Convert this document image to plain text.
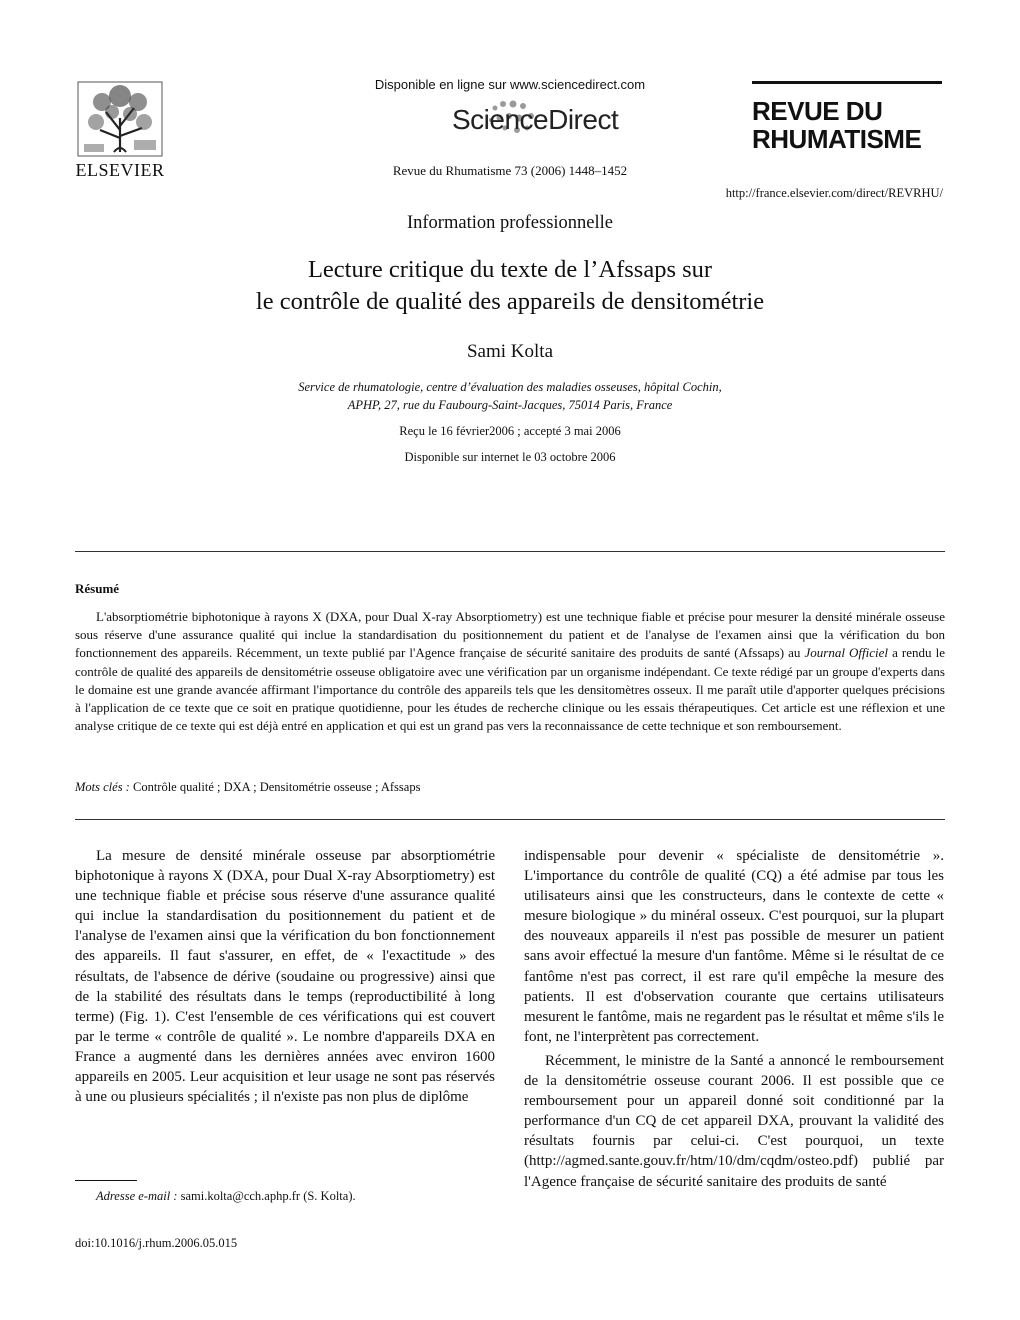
ELSEVIER
Disponible en ligne sur www.sciencedirect.com
ScienceDirect
Revue du Rhumatisme 73 (2006) 1448–1452
REVUE DU
RHUMATISME
http://france.elsevier.com/direct/REVRHU/
Information professionnelle
Lecture critique du texte de l’Afssaps sur
le contrôle de qualité des appareils de densitométrie
Sami Kolta
Service de rhumatologie, centre d’évaluation des maladies osseuses, hôpital Cochin,
APHP, 27, rue du Faubourg-Saint-Jacques, 75014 Paris, France
Reçu le 16 février2006 ; accepté 3 mai 2006
Disponible sur internet le 03 octobre 2006
Résumé
L'absorptiométrie biphotonique à rayons X (DXA, pour Dual X-ray Absorptiometry) est une technique fiable et précise pour mesurer la densité minérale osseuse sous réserve d'une assurance qualité qui inclue la standardisation du positionnement du patient et de l'analyse de l'examen ainsi que la vérification du bon fonctionnement des appareils. Récemment, un texte publié par l'Agence française de sécurité sanitaire des produits de santé (Afssaps) au Journal Officiel a rendu le contrôle de qualité des appareils de densitométrie osseuse obligatoire avec une vérification par un organisme indépendant. Ce texte rédigé par un groupe d'experts dans le domaine est une grande avancée affirmant l'importance du contrôle des appareils tels que les densitomètres osseux. Il me paraît utile d'apporter quelques précisions à l'application de ce texte que ce soit en pratique quotidienne, pour les études de recherche clinique ou les essais thérapeutiques. Cet article est une réflexion et une analyse critique de ce texte qui est déjà entré en application et qui est un grand pas vers la reconnaissance de cette technique et son remboursement.
Mots clés : Contrôle qualité ; DXA ; Densitométrie osseuse ; Afssaps

La mesure de densité minérale osseuse par absorptiométrie biphotonique à rayons X (DXA, pour Dual X-ray Absorptiometry) est une technique fiable et précise sous réserve d'une assurance qualité qui inclue la standardisation du positionnement du patient et de l'analyse de l'examen ainsi que la vérification du bon fonctionnement des appareils. Il faut s'assurer, en effet, de « l'exactitude » des résultats, de l'absence de dérive (soudaine ou progressive) ainsi que de la stabilité des résultats dans le temps (reproductibilité à long terme) (Fig. 1). C'est l'ensemble de ces vérifications qui est couvert par le terme « contrôle de qualité ». Le nombre d'appareils DXA en France a augmenté dans les dernières années avec environ 1600 appareils en 2005. Leur acquisition et leur usage ne sont pas réservés à une ou plusieurs spécialités ; il n'existe pas non plus de diplôme

indispensable pour devenir « spécialiste de densitométrie ». L'importance du contrôle de qualité (CQ) a été admise par tous les utilisateurs ainsi que les constructeurs, dans le contexte de cette « mesure biologique » du minéral osseux. C'est pourquoi, sur la plupart des nouveaux appareils il n'est pas possible de mesurer un patient sans avoir effectué la mesure d'un fantôme. Même si le résultat de ce fantôme n'est pas correct, il est rare qu'il empêche la mesure des patients. Il est d'observation courante que certains utilisateurs mesurent le fantôme, mais ne regardent pas le résultat et même s'ils le font, ne l'interprètent pas correctement.

Récemment, le ministre de la Santé a annoncé le remboursement de la densitométrie osseuse courant 2006. Il est possible que ce remboursement pour un appareil donné soit conditionné par la performance d'un CQ de cet appareil DXA, prouvant la validité des résultats fournis par celui-ci. C'est pourquoi, un texte (http://agmed.sante.gouv.fr/htm/10/dm/cqdm/osteo.pdf) publié par l'Agence française de sécurité sanitaire des produits de santé

Adresse e-mail : sami.kolta@cch.aphp.fr (S. Kolta).
doi:10.1016/j.rhum.2006.05.015
